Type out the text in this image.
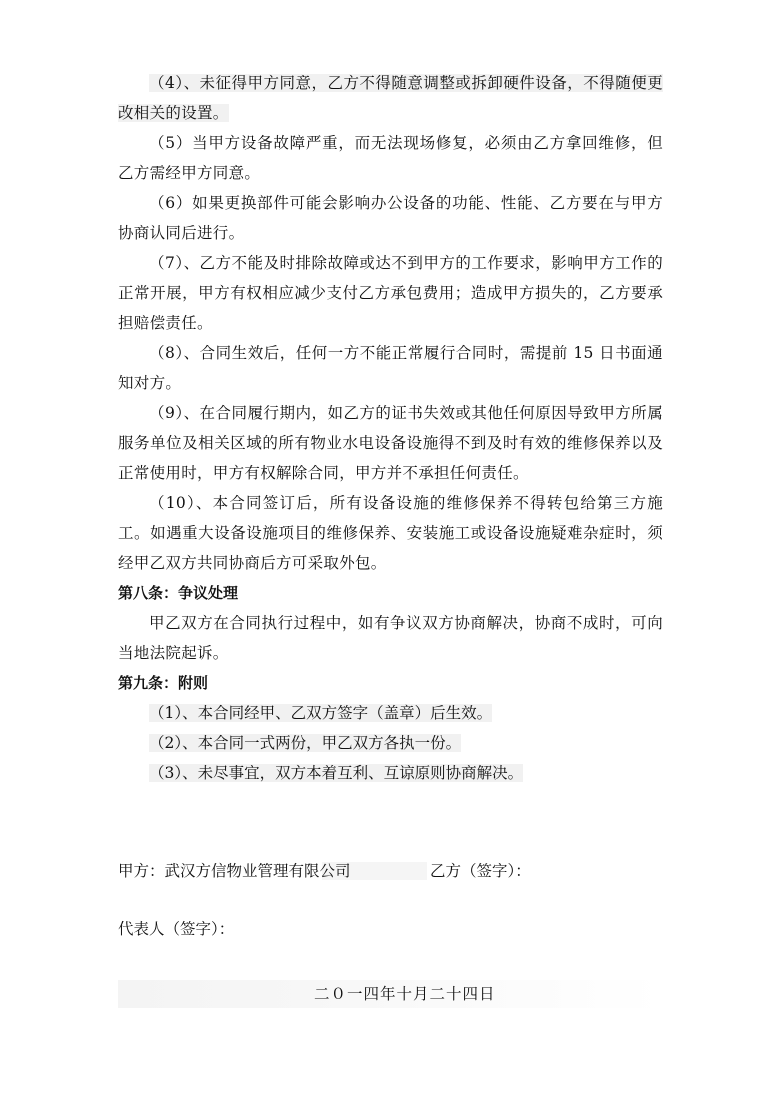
（4）、未征得甲方同意，乙方不得随意调整或拆卸硬件设备，不得随便更改相关的设置。

（5）当甲方设备故障严重，而无法现场修复，必须由乙方拿回维修，但乙方需经甲方同意。

（6）如果更换部件可能会影响办公设备的功能、性能、乙方要在与甲方协商认同后进行。

（7）、乙方不能及时排除故障或达不到甲方的工作要求，影响甲方工作的正常开展，甲方有权相应减少支付乙方承包费用；造成甲方损失的，乙方要承担赔偿责任。

（8）、合同生效后，任何一方不能正常履行合同时，需提前 15 日书面通知对方。

（9）、在合同履行期内，如乙方的证书失效或其他任何原因导致甲方所属服务单位及相关区域的所有物业水电设备设施得不到及时有效的维修保养以及正常使用时，甲方有权解除合同，甲方并不承担任何责任。

（10）、本合同签订后，所有设备设施的维修保养不得转包给第三方施工。如遇重大设备设施项目的维修保养、安装施工或设备设施疑难杂症时，须经甲乙双方共同协商后方可采取外包。

第八条：争议处理

甲乙双方在合同执行过程中，如有争议双方协商解决，协商不成时，可向当地法院起诉。

第九条：附则

（1）、本合同经甲、乙双方签字（盖章）后生效。

（2）、本合同一式两份，甲乙双方各执一份。

（3）、未尽事宜，双方本着互利、互谅原则协商解决。

甲方：武汉方信物业管理有限公司	乙方（签字）：
代表人（签字）：
二０一四年十月二十四日
